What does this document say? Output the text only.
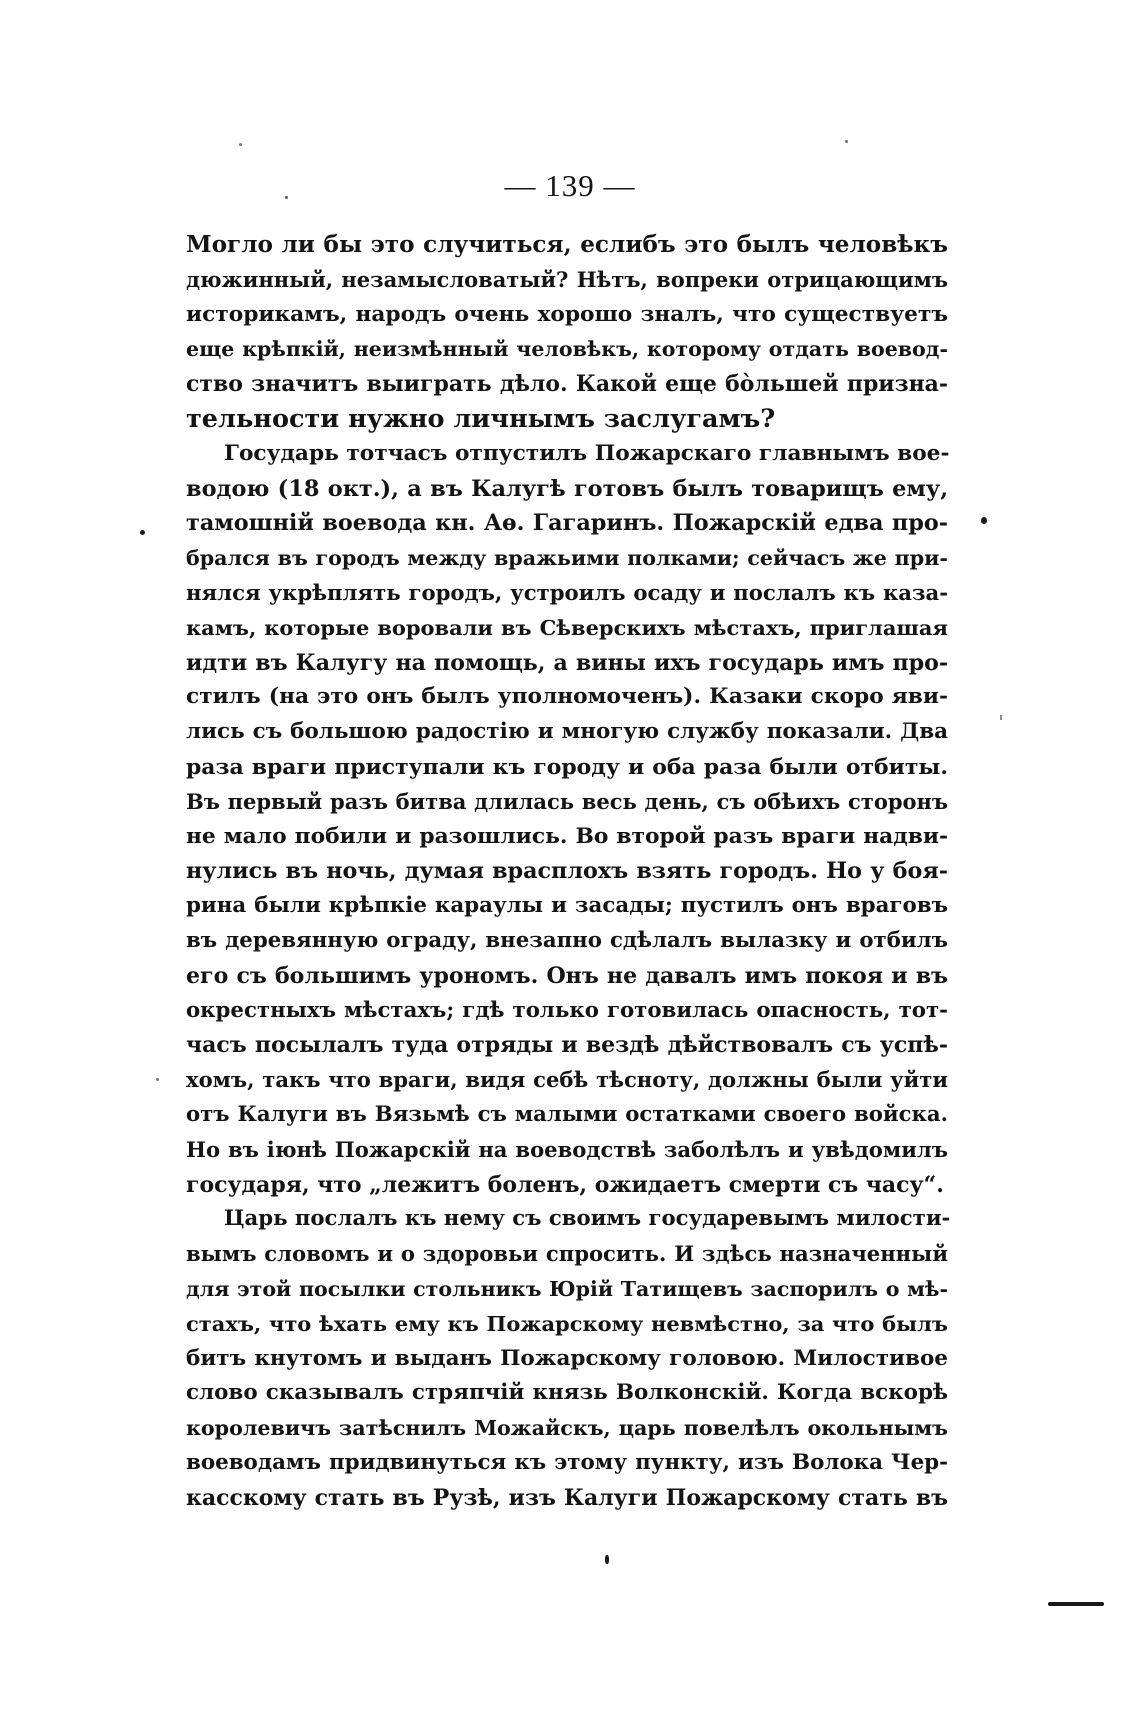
— 139 —

Могло ли бы это случиться, еслибъ это былъ человѣкъ
дюжинный, незамысловатый? Нѣтъ, вопреки отрицающимъ
историкамъ, народъ очень хорошо зналъ, что существуетъ
еще крѣпкій, неизмѣнный человѣкъ, которому отдать воевод-
ство значитъ выиграть дѣло. Какой еще бо̀льшей призна-
тельности нужно личнымъ заслугамъ?

Государь тотчасъ отпустилъ Пожарскаго главнымъ вое-
водою (18 окт.), а въ Калугѣ готовъ былъ товарищъ ему,
тамошній воевода кн. Аѳ. Гагаринъ. Пожарскій едва про-
брался въ городъ между вражьими полками; сейчасъ же при-
нялся укрѣплять городъ, устроилъ осаду и послалъ къ каза-
камъ, которые воровали въ Сѣверскихъ мѣстахъ, приглашая
идти въ Калугу на помощь, а вины ихъ государь имъ про-
стилъ (на это онъ былъ уполномоченъ). Казаки скоро яви-
лись съ большою радостію и многую службу показали. Два
раза враги приступали къ городу и оба раза были отбиты.
Въ первый разъ битва длилась весь день, съ обѣихъ сторонъ
не мало побили и разошлись. Во второй разъ враги надви-
нулись въ ночь, думая врасплохъ взять городъ. Но у боя-
рина были крѣпкіе караулы и засады; пустилъ онъ враговъ
въ деревянную ограду, внезапно сдѣлалъ вылазку и отбилъ
его съ большимъ урономъ. Онъ не давалъ имъ покоя и въ
окрестныхъ мѣстахъ; гдѣ только готовилась опасность, тот-
часъ посылалъ туда отряды и вездѣ дѣйствовалъ съ успѣ-
хомъ, такъ что враги, видя себѣ тѣсноту, должны были уйти
отъ Калуги въ Вязьмѣ съ малыми остатками своего войска.
Но въ іюнѣ Пожарскій на воеводствѣ заболѣлъ и увѣдомилъ
государя, что „лежитъ боленъ, ожидаетъ смерти съ часу“.

Царь послалъ къ нему съ своимъ государевымъ милости-
вымъ словомъ и о здоровьи спросить. И здѣсь назначенный
для этой посылки стольникъ Юрій Татищевъ заспорилъ о мѣ-
стахъ, что ѣхать ему къ Пожарскому невмѣстно, за что былъ
битъ кнутомъ и выданъ Пожарскому головою. Милостивое
слово сказывалъ стряпчій князь Волконскій. Когда вскорѣ
королевичъ затѣснилъ Можайскъ, царь повелѣлъ окольнымъ
воеводамъ придвинуться къ этому пункту, изъ Волока Чер-
касскому стать въ Рузѣ, изъ Калуги Пожарскому стать въ
